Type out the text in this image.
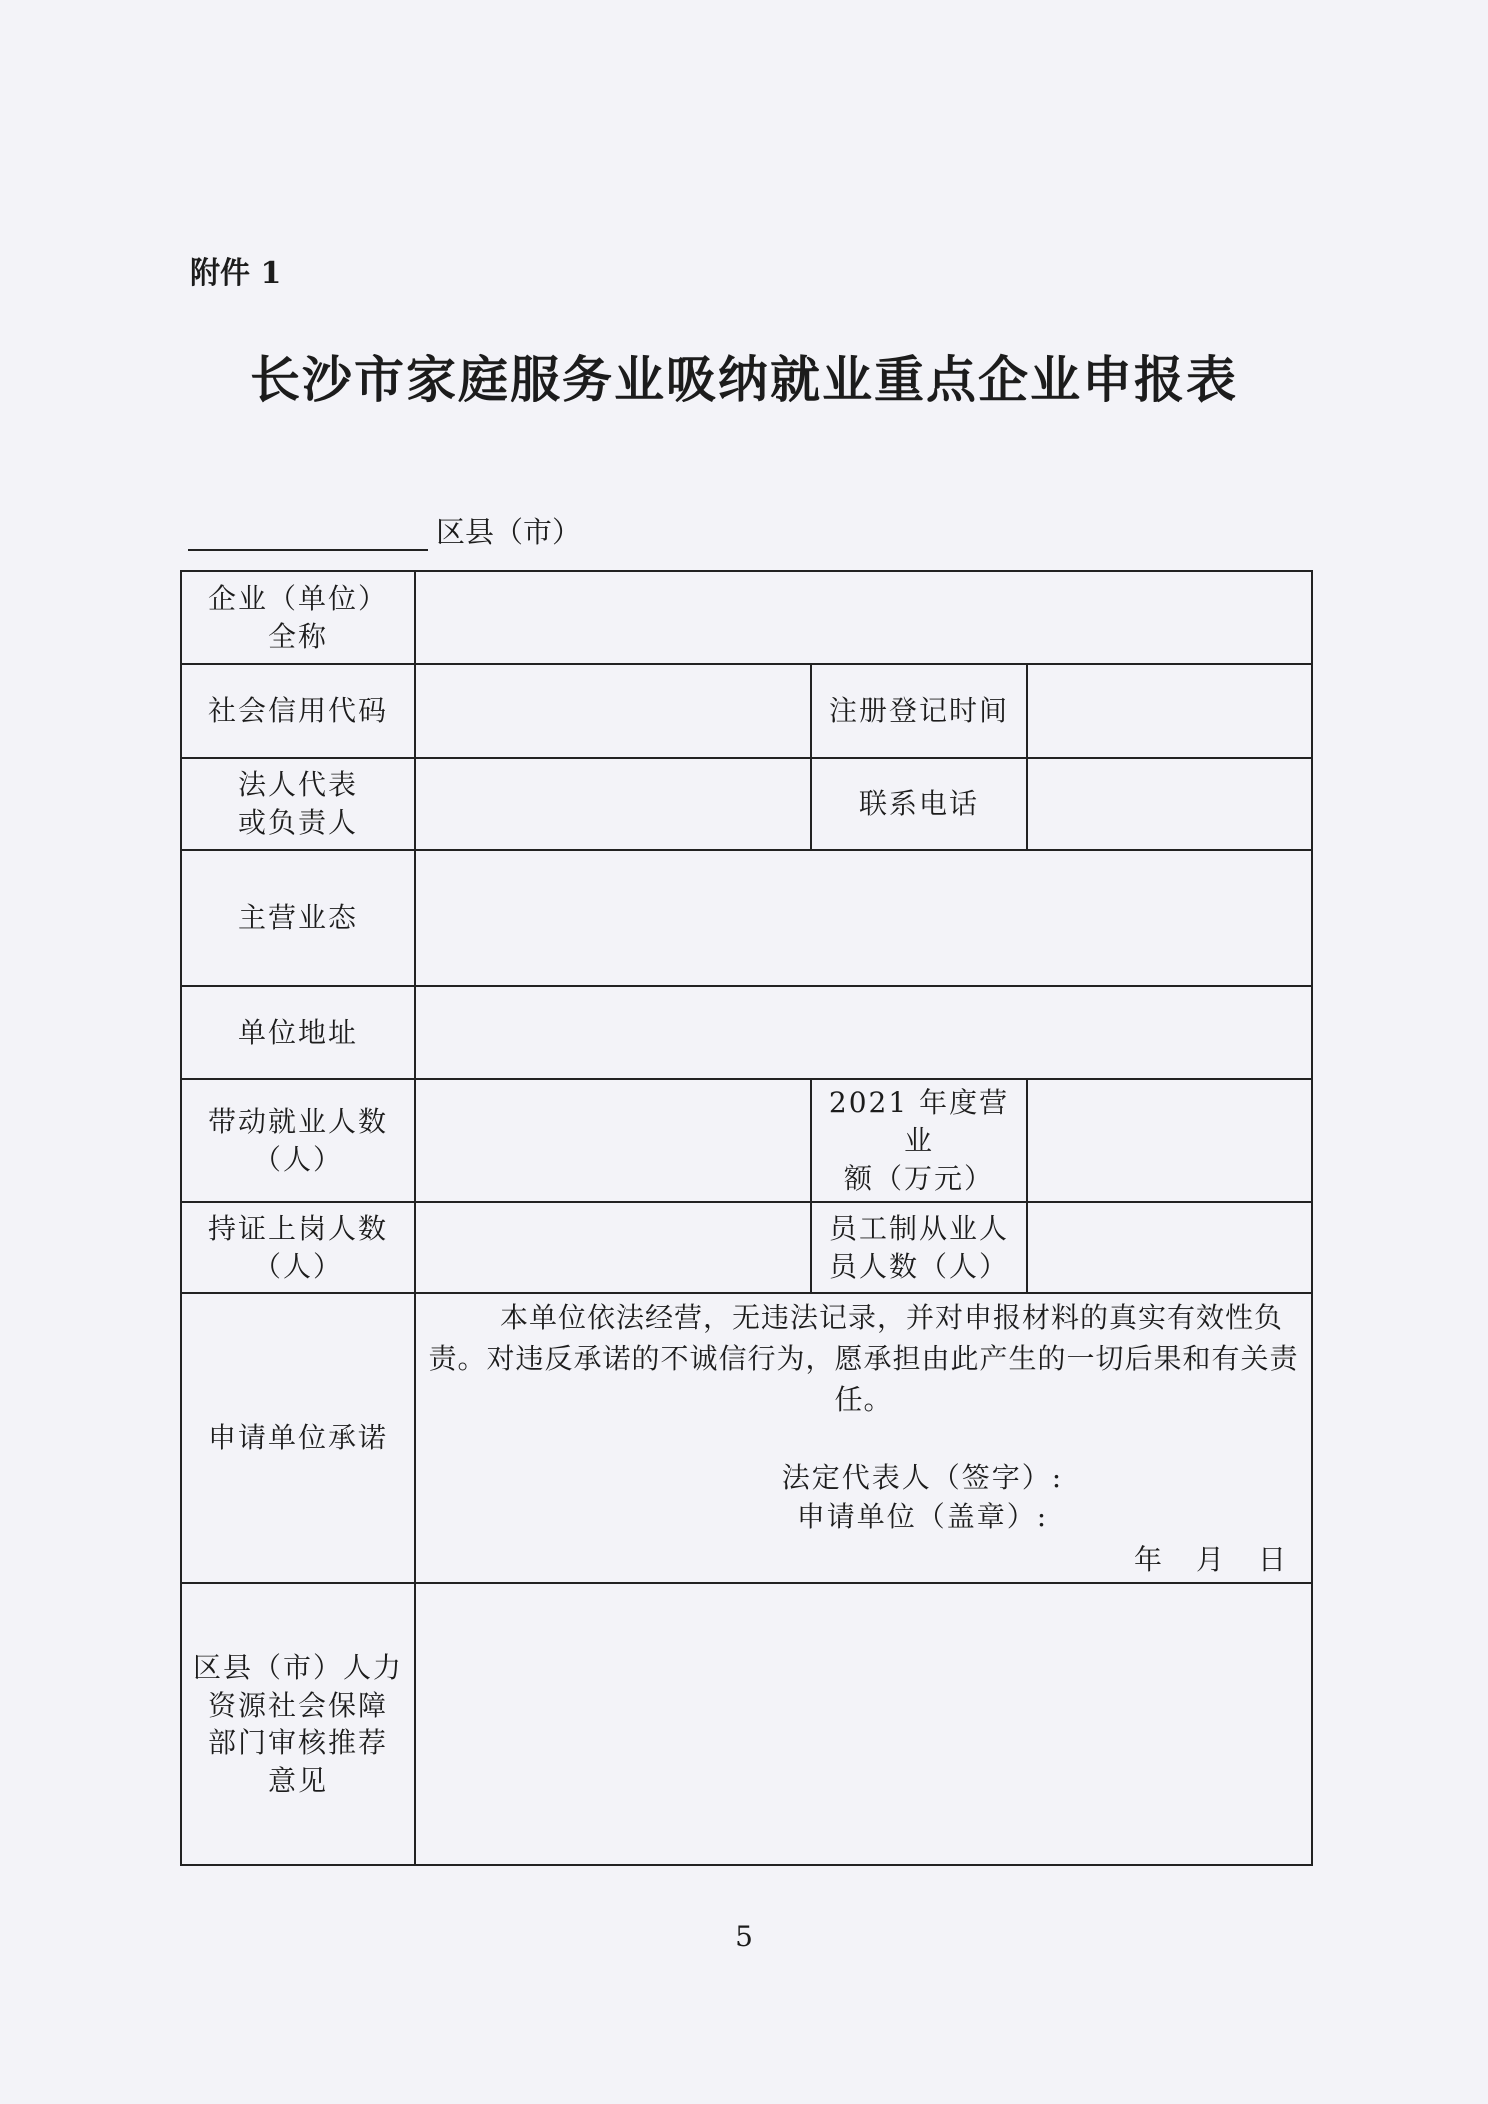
附件 1
长沙市家庭服务业吸纳就业重点企业申报表
区县（市）
企业（单位）
全称			
社会信用代码		注册登记时间	
法人代表
或负责人		联系电话	
主营业态			
单位地址			
带动就业人数
（人）		2021 年度营业
额（万元）	
持证上岗人数
（人）		员工制从业人
员人数（人）	
申请单位承诺	本单位依法经营，无违法记录，并对申报材料的真实有效性负责。对违反承诺的不诚信行为，愿承担由此产生的一切后果和有关责任。
法定代表人（签字）:
申请单位（盖章）:
年　月　日		

区县（市）人力
资源社会保障
部门审核推荐
意见			
5
